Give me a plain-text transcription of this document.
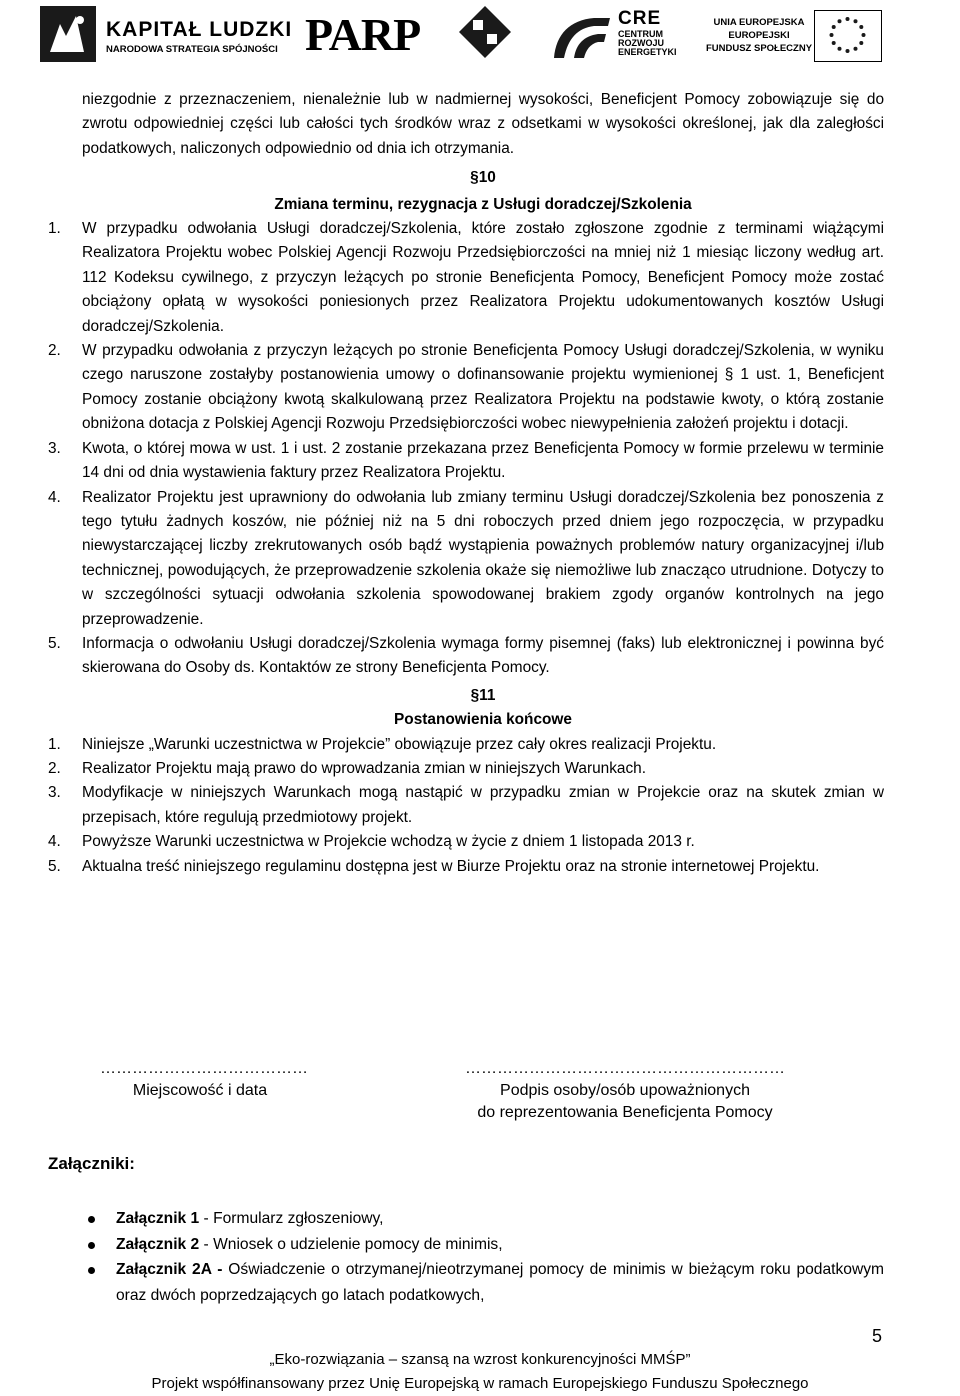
KAPITAŁ LUDZKI
NARODOWA STRATEGIA SPÓJNOŚCI PARP	CRE
CENTRUM
ROZWOJU
ENERGETYKI
UNIA EUROPEJSKA
EUROPEJSKI
FUNDUSZ SPOŁECZNY

niezgodnie z przeznaczeniem, nienależnie lub w nadmiernej wysokości, Beneficjent Pomocy zobowiązuje się do zwrotu odpowiedniej części lub całości tych środków wraz z odsetkami w wysokości określonej, jak dla zaległości podatkowych, naliczonych odpowiednio od dnia ich otrzymania.

§10
Zmiana terminu, rezygnacja z Usługi doradczej/Szkolenia
1. W przypadku odwołania Usługi doradczej/Szkolenia, które zostało zgłoszone zgodnie z terminami wiążącymi Realizatora Projektu wobec Polskiej Agencji Rozwoju Przedsiębiorczości na mniej niż 1 miesiąc liczony według art. 112 Kodeksu cywilnego, z przyczyn leżących po stronie Beneficjenta Pomocy, Beneficjent Pomocy może zostać obciążony opłatą w wysokości poniesionych przez Realizatora Projektu udokumentowanych kosztów Usługi doradczej/Szkolenia.
2. W przypadku odwołania z przyczyn leżących po stronie Beneficjenta Pomocy Usługi doradczej/Szkolenia, w wyniku czego naruszone zostałyby postanowienia umowy o dofinansowanie projektu wymienionej § 1 ust. 1, Beneficjent Pomocy zostanie obciążony kwotą skalkulowaną przez Realizatora Projektu na podstawie kwoty, o którą zostanie obniżona dotacja z Polskiej Agencji Rozwoju Przedsiębiorczości wobec niewypełnienia założeń projektu i dotacji.
3. Kwota, o której mowa w ust. 1 i ust. 2 zostanie przekazana przez Beneficjenta Pomocy w formie przelewu w terminie 14 dni od dnia wystawienia faktury przez Realizatora Projektu.
4. Realizator Projektu jest uprawniony do odwołania lub zmiany terminu Usługi doradczej/Szkolenia bez ponoszenia z tego tytułu żadnych koszów, nie później niż na 5 dni roboczych przed dniem jego rozpoczęcia, w przypadku niewystarczającej liczby zrekrutowanych osób bądź wystąpienia poważnych problemów natury organizacyjnej i/lub technicznej, powodujących, że przeprowadzenie szkolenia okaże się niemożliwe lub znacząco utrudnione. Dotyczy to w szczególności sytuacji odwołania szkolenia spowodowanej brakiem zgody organów kontrolnych na jego przeprowadzenie.
5. Informacja o odwołaniu Usługi doradczej/Szkolenia wymaga formy pisemnej (faks) lub elektronicznej i powinna być skierowana do Osoby ds. Kontaktów ze strony Beneficjenta Pomocy.
§11
Postanowienia końcowe
1. Niniejsze „Warunki uczestnictwa w Projekcie” obowiązuje przez cały okres realizacji Projektu.
2. Realizator Projektu mają prawo do wprowadzania zmian w niniejszych Warunkach.
3. Modyfikacje w niniejszych Warunkach mogą nastąpić w przypadku zmian w Projekcie oraz na skutek zmian w przepisach, które regulują przedmiotowy projekt.
4. Powyższe Warunki uczestnictwa w Projekcie wchodzą w życie z dniem 1 listopada 2013 r.
5. Aktualna treść niniejszego regulaminu dostępna jest w Biurze Projektu oraz na stronie internetowej Projektu.
…………………………………
Miejscowość i data
……………………………………………………
Podpis osoby/osób upoważnionych
do reprezentowania Beneficjenta Pomocy
Załączniki:
Załącznik 1 - Formularz zgłoszeniowy,
Załącznik 2 - Wniosek o udzielenie pomocy de minimis,
Załącznik 2A - Oświadczenie o otrzymanej/nieotrzymanej pomocy de minimis w bieżącym roku podatkowym oraz dwóch poprzedzających go latach podatkowych,
5
„Eko-rozwiązania – szansą na wzrost konkurencyjności MMŚP”
Projekt współfinansowany przez Unię Europejską w ramach Europejskiego Funduszu Społecznego
